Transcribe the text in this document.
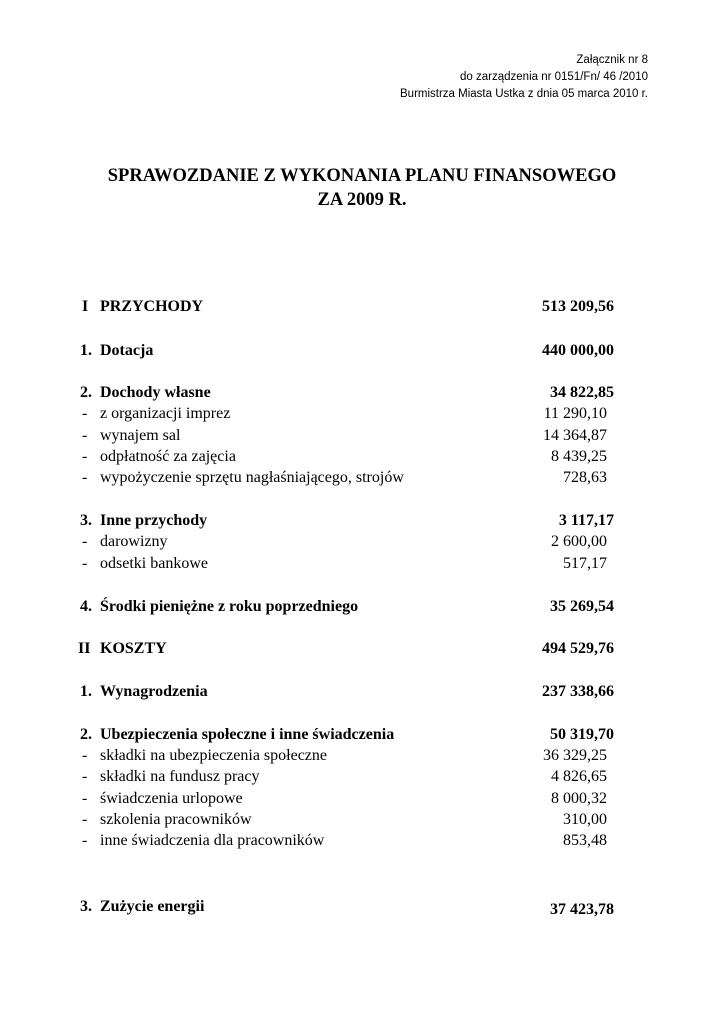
Załącznik nr 8
do zarządzenia nr 0151/Fn/ 46 /2010
Burmistrza Miasta Ustka z dnia 05 marca 2010 r.
SPRAWOZDANIE Z WYKONANIA PLANU FINANSOWEGO
ZA 2009 R.
I PRZYCHODY	513 209,56
1. Dotacja	440 000,00
2. Dochody własne	34 822,85
- z organizacji imprez	11 290,10
- wynajem sal	14 364,87
- odpłatność za zajęcia	8 439,25
- wypożyczenie sprzętu nagłaśniającego, strojów	728,63
3. Inne przychody	3 117,17
- darowizny	2 600,00
- odsetki bankowe	517,17
4. Środki pieniężne z roku poprzedniego	35 269,54
II KOSZTY	494 529,76
1. Wynagrodzenia	237 338,66
2. Ubezpieczenia społeczne i inne świadczenia	50 319,70
- składki na ubezpieczenia społeczne	36 329,25
- składki na fundusz pracy	4 826,65
- świadczenia urlopowe	8 000,32
- szkolenia pracowników	310,00
- inne świadczenia dla pracowników	853,48
3. Zużycie energii	37 423,78
